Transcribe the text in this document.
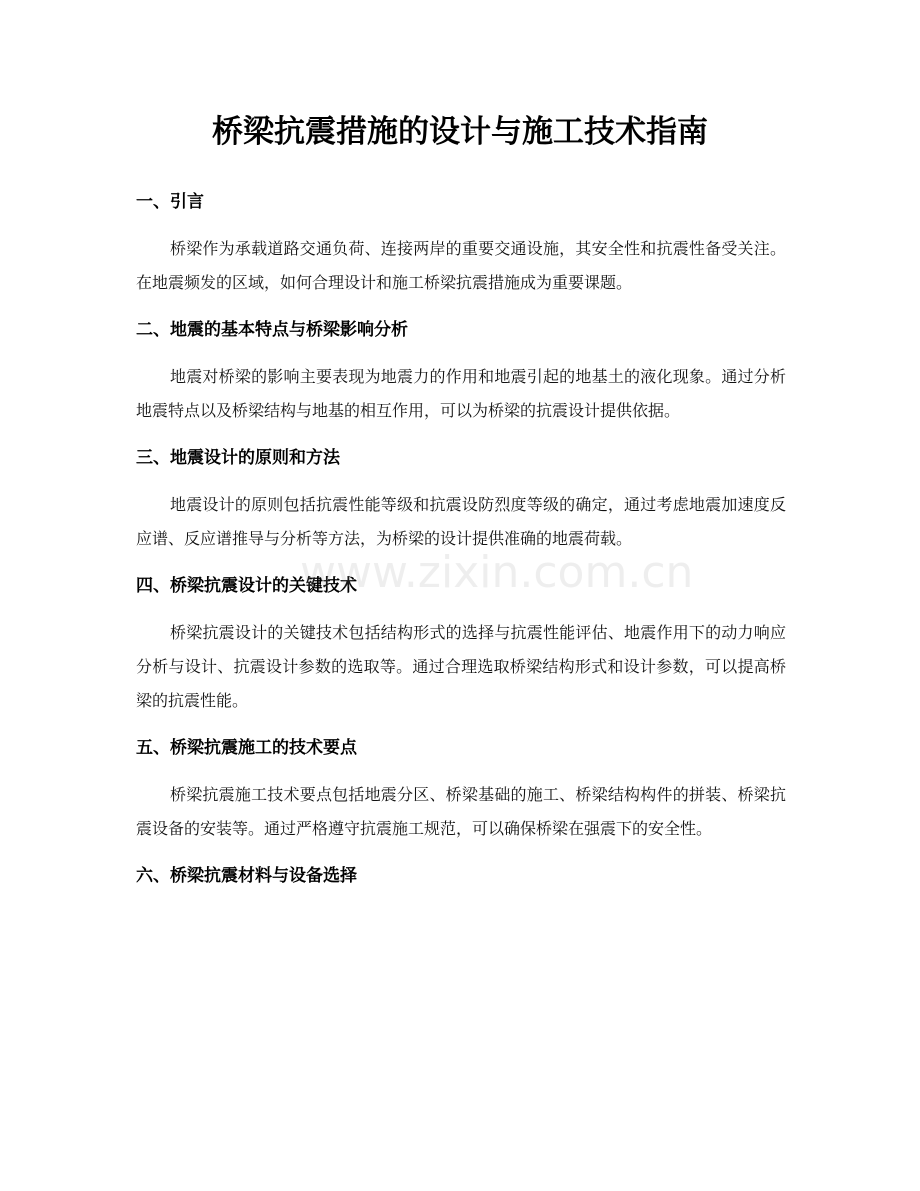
桥梁抗震措施的设计与施工技术指南
一、引言

桥梁作为承载道路交通负荷、连接两岸的重要交通设施，其安全性和抗震性备受关注。在地震频发的区域，如何合理设计和施工桥梁抗震措施成为重要课题。

二、地震的基本特点与桥梁影响分析

地震对桥梁的影响主要表现为地震力的作用和地震引起的地基土的液化现象。通过分析地震特点以及桥梁结构与地基的相互作用，可以为桥梁的抗震设计提供依据。

三、地震设计的原则和方法

地震设计的原则包括抗震性能等级和抗震设防烈度等级的确定，通过考虑地震加速度反应谱、反应谱推导与分析等方法，为桥梁的设计提供准确的地震荷载。

四、桥梁抗震设计的关键技术

桥梁抗震设计的关键技术包括结构形式的选择与抗震性能评估、地震作用下的动力响应分析与设计、抗震设计参数的选取等。通过合理选取桥梁结构形式和设计参数，可以提高桥梁的抗震性能。

五、桥梁抗震施工的技术要点

桥梁抗震施工技术要点包括地震分区、桥梁基础的施工、桥梁结构构件的拼装、桥梁抗震设备的安装等。通过严格遵守抗震施工规范，可以确保桥梁在强震下的安全性。

六、桥梁抗震材料与设备选择
www.zixin.com.cn
